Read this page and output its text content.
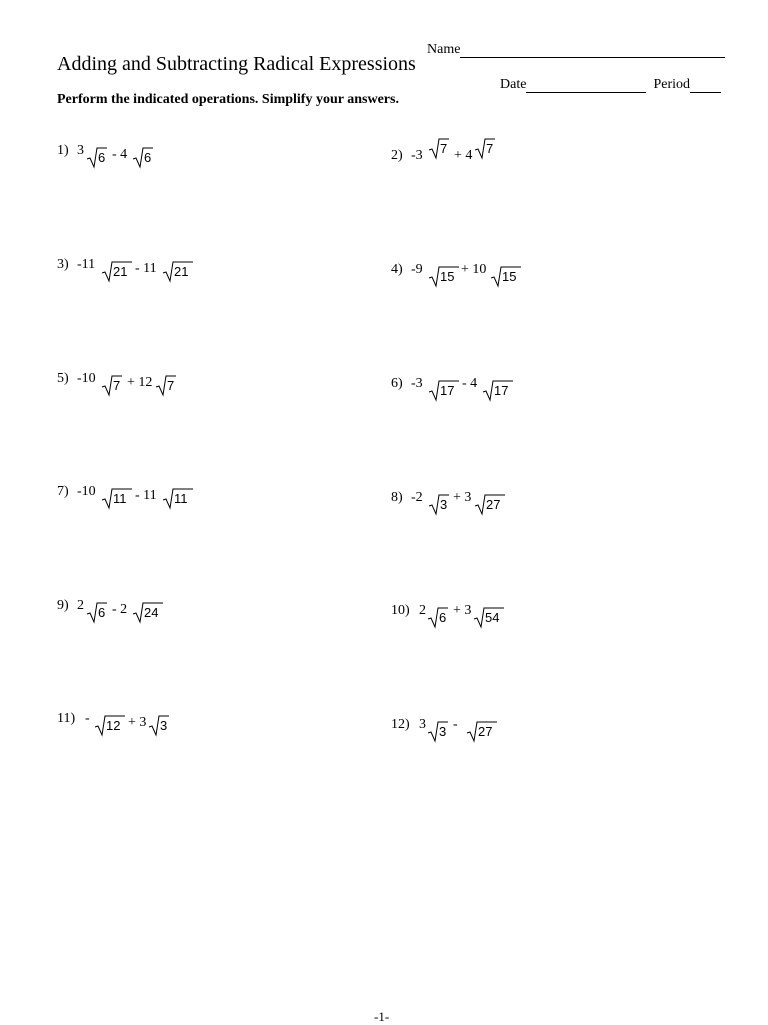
Adding and Subtracting Radical Expressions
Name
Date	Period
Perform the indicated operations. Simplify your answers.
1) 3 6 - 4 6	2) -3 7 + 4 7
3) -11 21 - 11 21	4) -9 15 + 10 15
5) -10 7 + 12 7	6) -3 17 - 4 17
7) -10 11 - 11 11	8) -2 3 + 3 27
9) 2 6 - 2 24	10) 2 6 + 3 54
11) - 12 + 3 3	12) 3 3 - 27
-1-
